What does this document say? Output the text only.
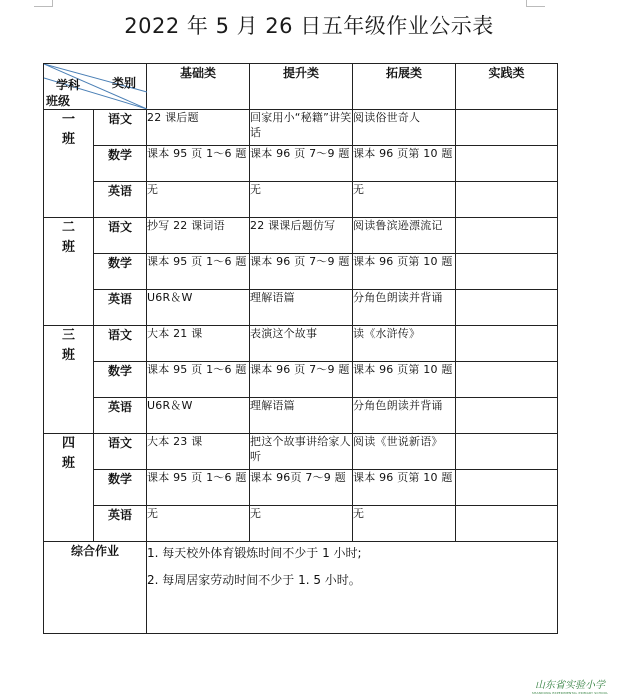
2022 年 5 月 26 日五年级作业公示表
学科 类别
班级		基础类	提升类	拓展类	实践类
一
班	语文	22 课后题	回家用小“秘籍”讲笑话	阅读俗世奇人	
	数学	课本 95 页 1～6 题	课本 96 页 7～9 题	课本 96 页第 10 题	
	英语	无	无	无	
二
班	语文	抄写 22 课词语	22 课课后题仿写	阅读鲁滨逊漂流记	
	数学	课本 95 页 1～6 题	课本 96 页 7～9 题	课本 96 页第 10 题	
	英语	U6R＆W	理解语篇	分角色朗读并背诵	
三
班	语文	大本 21 课	表演这个故事	读《水浒传》	
	数学	课本 95 页 1～6 题	课本 96 页 7～9 题	课本 96 页第 10 题	
	英语	U6R＆W	理解语篇	分角色朗读并背诵	
四
班	语文	大本 23 课	把这个故事讲给家人听	阅读《世说新语》	
	数学	课本 95 页 1～6 题	课本 96页 7～9 题	课本 96 页第 10 题	
	英语	无	无	无	
综合作业		1. 每天校外体育锻炼时间不少于 1 小时;
2. 每周居家劳动时间不少于 1. 5 小时。			
山东省实验小学
SHANDONG EXPERIMENTAL PRIMARY SCHOOL
